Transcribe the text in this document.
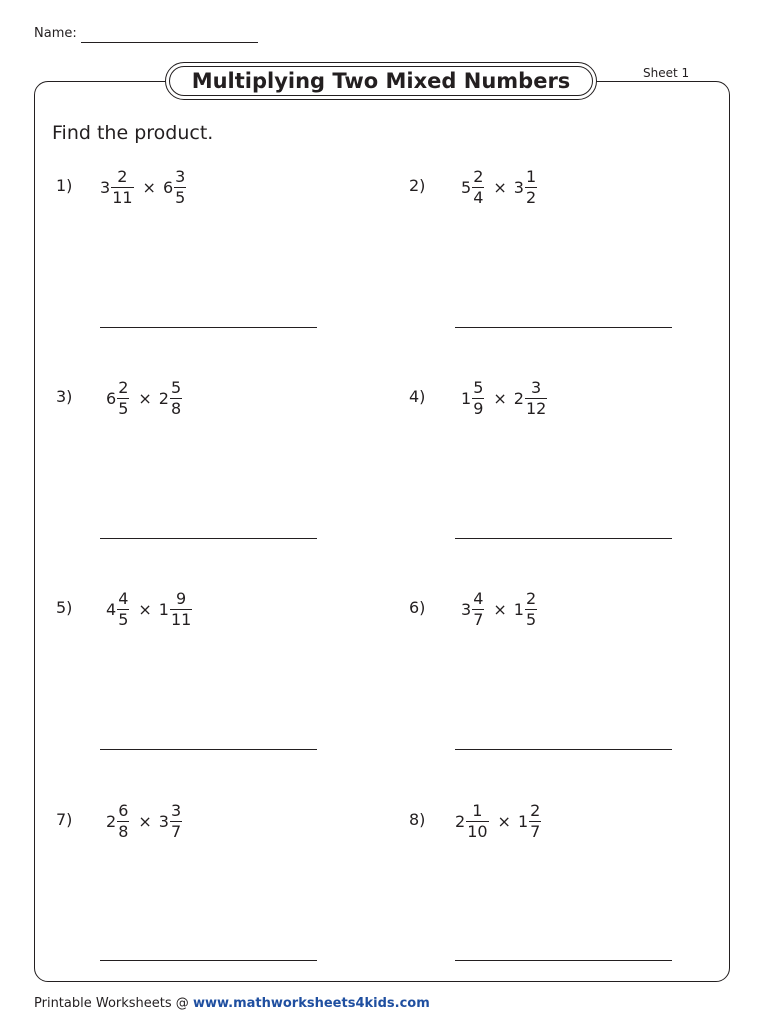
Name:
Sheet 1
Multiplying Two Mixed Numbers
Find the product.
1)	$3 \frac{2}{11} \times 6 \frac{3}{5}$	2)	$5 \frac{2}{4} \times 3 \frac{1}{2}$
3)	$6 \frac{2}{5} \times 2 \frac{5}{8}$	4)	$1 \frac{5}{9} \times 2 \frac{3}{12}$
5)	$4 \frac{4}{5} \times 1 \frac{9}{11}$	6)	$3 \frac{4}{7} \times 1 \frac{2}{5}$
7)	$2 \frac{6}{8} \times 3 \frac{3}{7}$	8)	$2 \frac{1}{10} \times 1 \frac{2}{7}$
Printable Worksheets @ www.mathworksheets4kids.com
